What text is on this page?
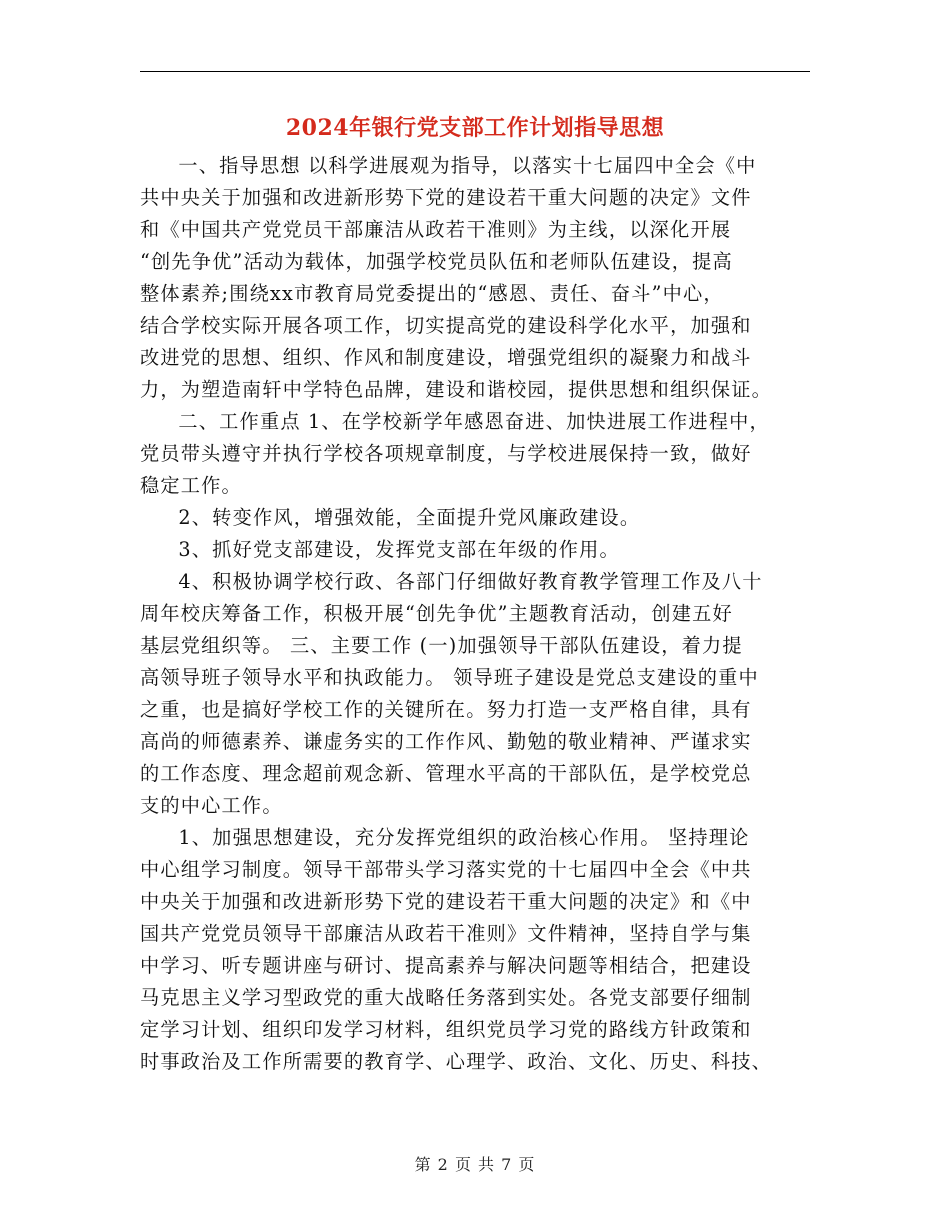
2024年银行党支部工作计划指导思想

一、指导思想 以科学进展观为指导，以落实十七届四中全会《中

共中央关于加强和改进新形势下党的建设若干重大问题的决定》文件

和《中国共产党党员干部廉洁从政若干准则》为主线，以深化开展

“创先争优”活动为载体，加强学校党员队伍和老师队伍建设，提高

整体素养;围绕xx市教育局党委提出的“感恩、责任、奋斗”中心，

结合学校实际开展各项工作，切实提高党的建设科学化水平，加强和

改进党的思想、组织、作风和制度建设，增强党组织的凝聚力和战斗

力，为塑造南轩中学特色品牌，建设和谐校园，提供思想和组织保证。

二、工作重点 1、在学校新学年感恩奋进、加快进展工作进程中，

党员带头遵守并执行学校各项规章制度，与学校进展保持一致，做好

稳定工作。

2、转变作风，增强效能，全面提升党风廉政建设。

3、抓好党支部建设，发挥党支部在年级的作用。

4、积极协调学校行政、各部门仔细做好教育教学管理工作及八十

周年校庆筹备工作，积极开展“创先争优”主题教育活动，创建五好

基层党组织等。 三、主要工作 (一)加强领导干部队伍建设，着力提

高领导班子领导水平和执政能力。 领导班子建设是党总支建设的重中

之重，也是搞好学校工作的关键所在。努力打造一支严格自律，具有

高尚的师德素养、谦虚务实的工作作风、勤勉的敬业精神、严谨求实

的工作态度、理念超前观念新、管理水平高的干部队伍，是学校党总

支的中心工作。

1、加强思想建设，充分发挥党组织的政治核心作用。 坚持理论

中心组学习制度。领导干部带头学习落实党的十七届四中全会《中共

中央关于加强和改进新形势下党的建设若干重大问题的决定》和《中

国共产党党员领导干部廉洁从政若干准则》文件精神，坚持自学与集

中学习、听专题讲座与研讨、提高素养与解决问题等相结合，把建设

马克思主义学习型政党的重大战略任务落到实处。各党支部要仔细制

定学习计划、组织印发学习材料，组织党员学习党的路线方针政策和

时事政治及工作所需要的教育学、心理学、政治、文化、历史、科技、

第 2 页 共 7 页
